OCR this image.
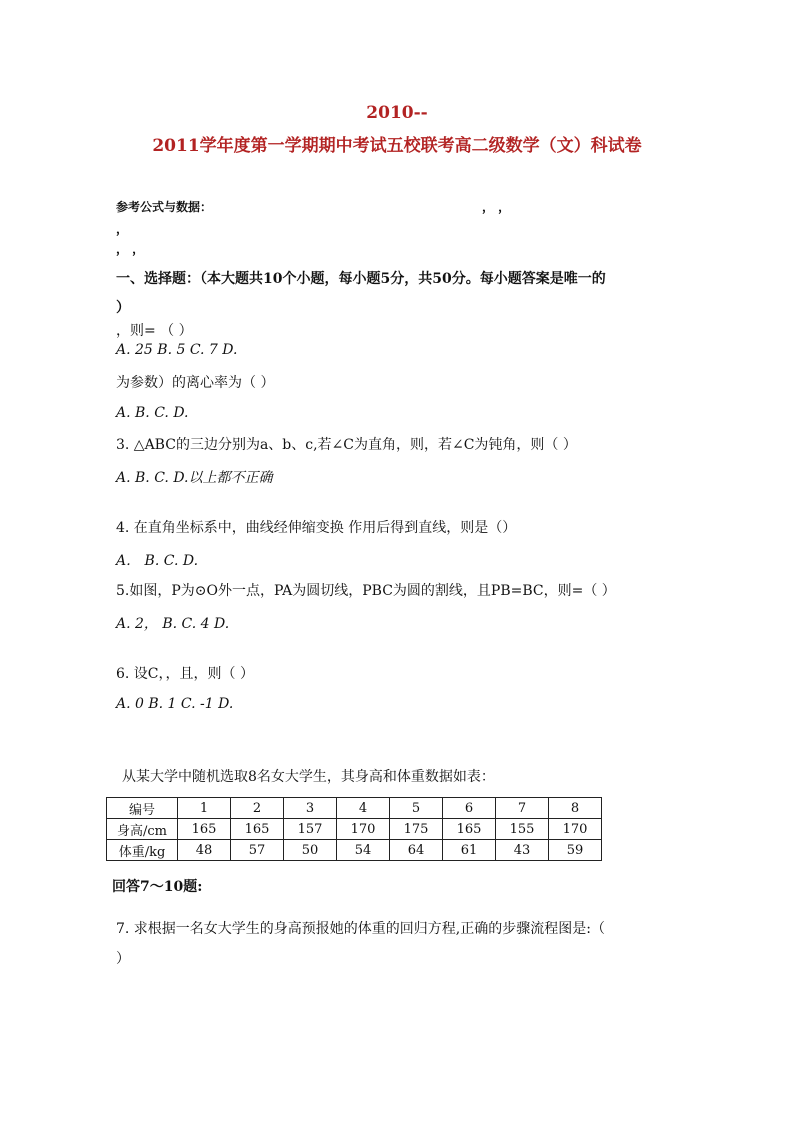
2010--
2011学年度第一学期期中考试五校联考高二级数学（文）科试卷
参考公式与数据：	， ，
，
， ，
一、选择题：（本大题共10个小题，每小题5分，共50分。每小题答案是唯一的
）
，则= （ ）
A. 25 B. 5 C. 7 D.
为参数）的离心率为（ ）
A. B. C. D.
3. △ABC的三边分别为a、b、c,若∠C为直角，则，若∠C为钝角，则（ ）
A. B. C. D.以上都不正确
4. 在直角坐标系中，曲线经伸缩变换 作用后得到直线，则是（）
A． B. C. D.
5.如图，P为⊙O外一点，PA为圆切线，PBC为圆的割线，且PB=BC，则=（ ）
A. 2， B. C. 4 D.
6. 设C，，且，则（ ）
A. 0 B. 1 C. -1 D.
从某大学中随机选取8名女大学生，其身高和体重数据如表：
编号	1	2	3	4	5	6	7	8
身高/cm	165	165	157	170	175	165	155	170
体重/kg	48	57	50	54	64	61	43	59
回答7～10题:
7. 求根据一名女大学生的身高预报她的体重的回归方程,正确的步骤流程图是:（
）
